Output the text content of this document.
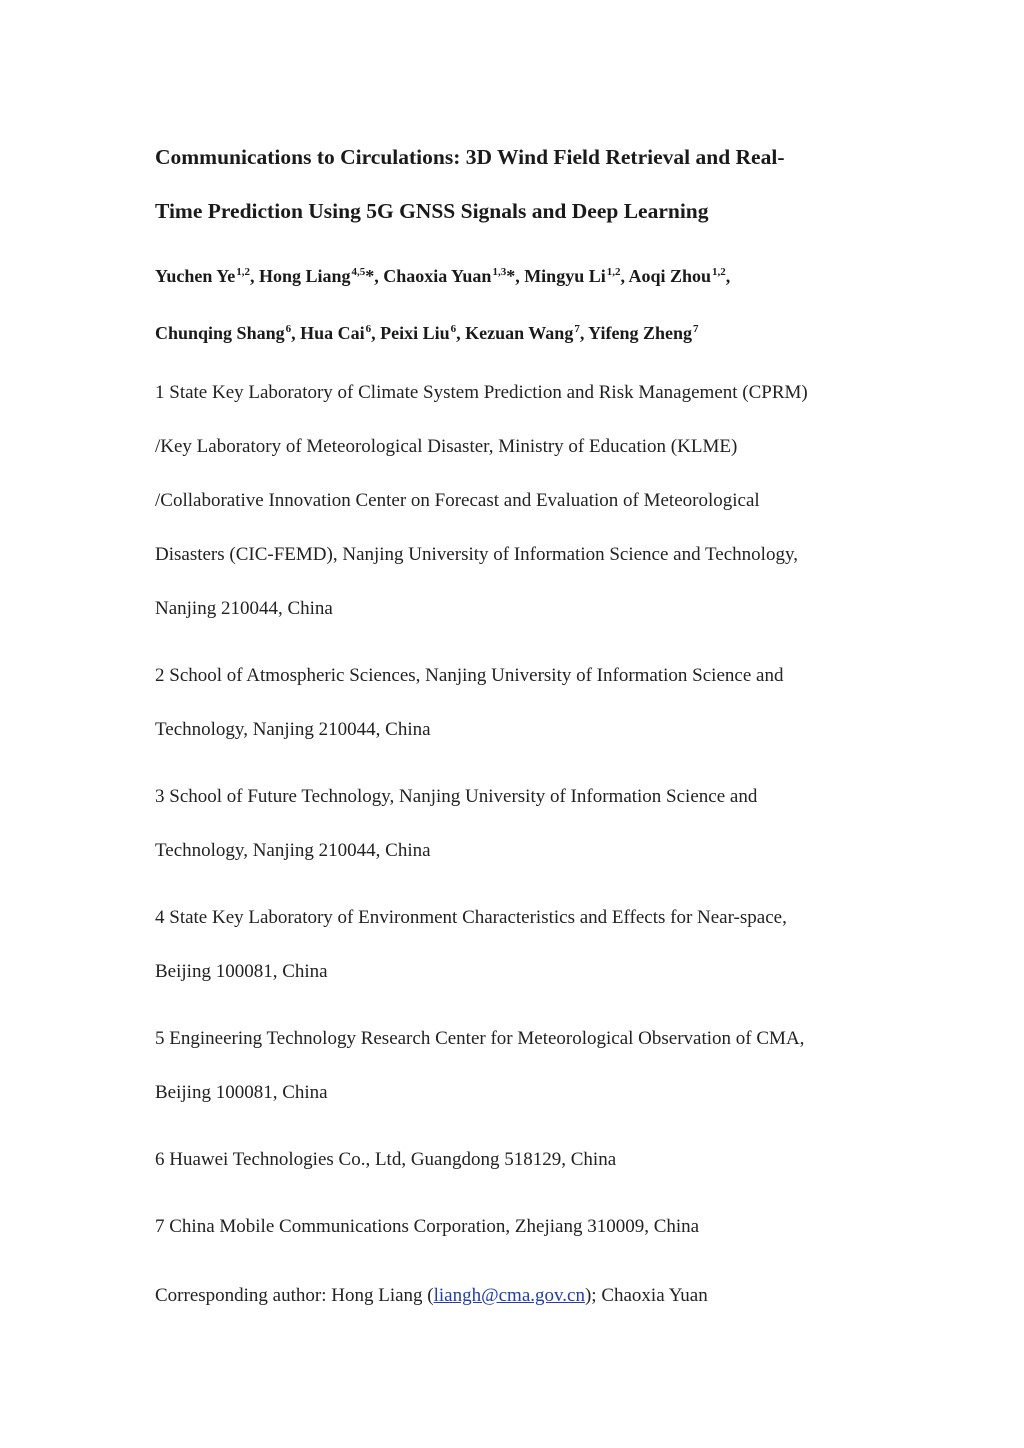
Communications to Circulations: 3D Wind Field Retrieval and Real-
Time Prediction Using 5G GNSS Signals and Deep Learning
Yuchen Ye$^{1,2}$, Hong Liang$^{4,5}$*, Chaoxia Yuan$^{1,3}$*, Mingyu Li$^{1,2}$, Aoqi Zhou$^{1,2}$,
Chunqing Shang$^6$, Hua Cai$^6$, Peixi Liu$^6$, Kezuan Wang$^7$, Yifeng Zheng$^7$
1 State Key Laboratory of Climate System Prediction and Risk Management (CPRM)
/Key Laboratory of Meteorological Disaster, Ministry of Education (KLME)
/Collaborative Innovation Center on Forecast and Evaluation of Meteorological
Disasters (CIC-FEMD), Nanjing University of Information Science and Technology,
Nanjing 210044, China
2 School of Atmospheric Sciences, Nanjing University of Information Science and
Technology, Nanjing 210044, China
3 School of Future Technology, Nanjing University of Information Science and
Technology, Nanjing 210044, China
4 State Key Laboratory of Environment Characteristics and Effects for Near-space,
Beijing 100081, China
5 Engineering Technology Research Center for Meteorological Observation of CMA,
Beijing 100081, China
6 Huawei Technologies Co., Ltd, Guangdong 518129, China
7 China Mobile Communications Corporation, Zhejiang 310009, China
Corresponding author: Hong Liang (liangh@cma.gov.cn); Chaoxia Yuan
